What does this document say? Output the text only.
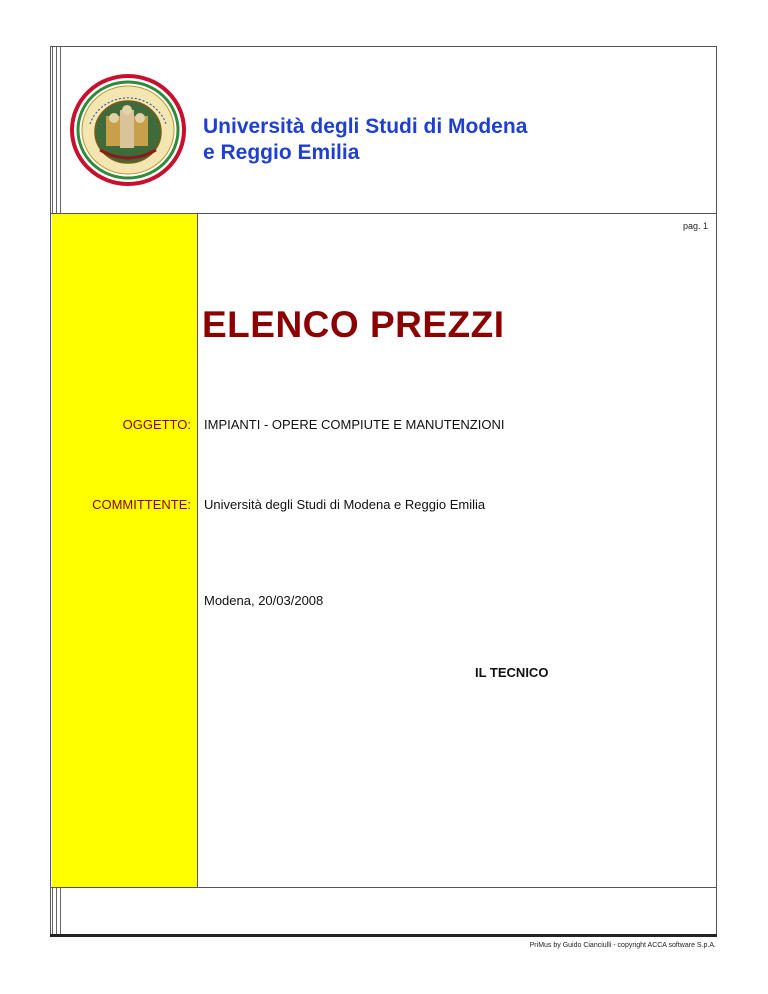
Università degli Studi di Modena
e Reggio Emilia
pag. 1
ELENCO PREZZI
OGGETTO: IMPIANTI - OPERE COMPIUTE E MANUTENZIONI
COMMITTENTE: Università degli Studi di Modena e Reggio Emilia
Modena, 20/03/2008
IL TECNICO
PriMus by Guido Cianciulli - copyright ACCA software S.p.A.
